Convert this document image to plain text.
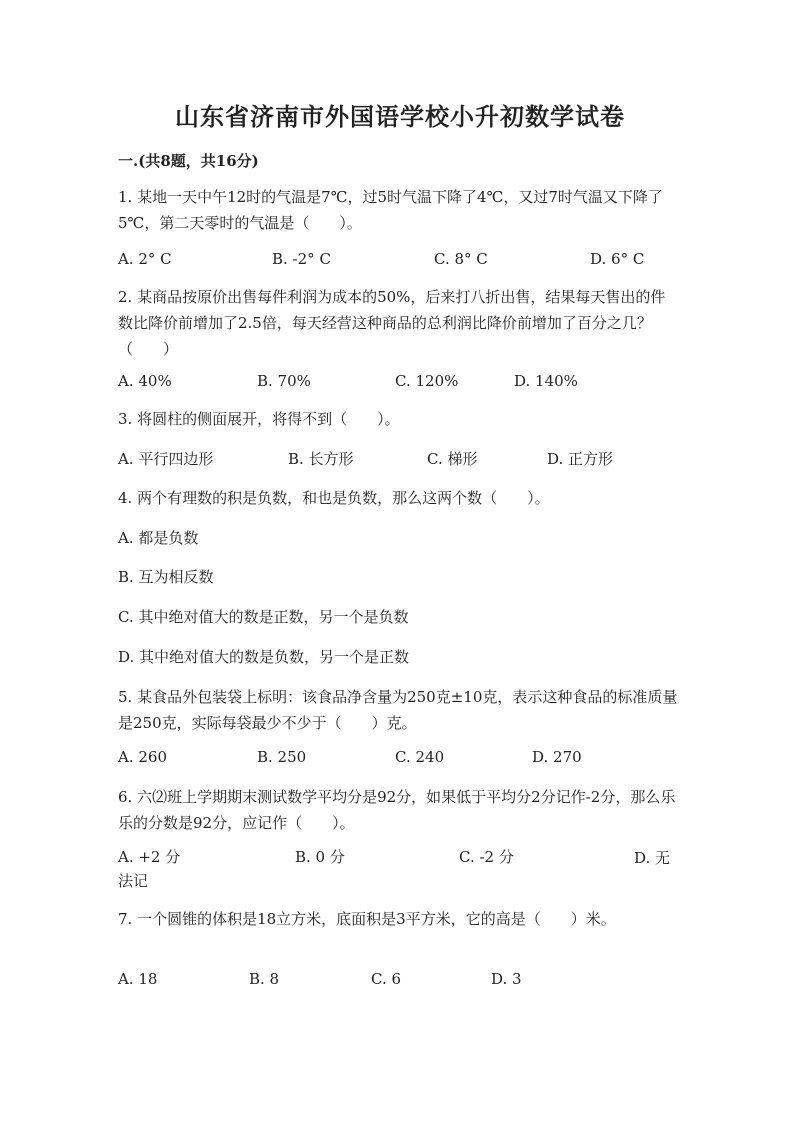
山东省济南市外国语学校小升初数学试卷
一.(共8题，共16分)
1. 某地一天中午12时的气温是7℃，过5时气温下降了4℃，又过7时气温又下降了5℃，第二天零时的气温是（　　）。
A. 2° C	B. -2° C	C. 8° C	D. 6° C
2. 某商品按原价出售每件利润为成本的50%，后来打八折出售，结果每天售出的件数比降价前增加了2.5倍，每天经营这种商品的总利润比降价前增加了百分之几？（　　）
A. 40%	B. 70%	C. 120%	D. 140%
3. 将圆柱的侧面展开，将得不到（　　）。
A. 平行四边形	B. 长方形	C. 梯形	D. 正方形
4. 两个有理数的积是负数，和也是负数，那么这两个数（　　）。
A. 都是负数
B. 互为相反数
C. 其中绝对值大的数是正数，另一个是负数
D. 其中绝对值大的数是负数，另一个是正数
5. 某食品外包装袋上标明：该食品净含量为250克±10克，表示这种食品的标准质量是250克，实际每袋最少不少于（　　）克。
A. 260	B. 250	C. 240	D. 270
6. 六⑵班上学期期末测试数学平均分是92分，如果低于平均分2分记作-2分，那么乐乐的分数是92分，应记作（　　）。
A. +2 分	B. 0 分	C. -2 分	D. 无法记
7. 一个圆锥的体积是18立方米，底面积是3平方米，它的高是（　　）米。
A. 18	B. 8	C. 6	D. 3
